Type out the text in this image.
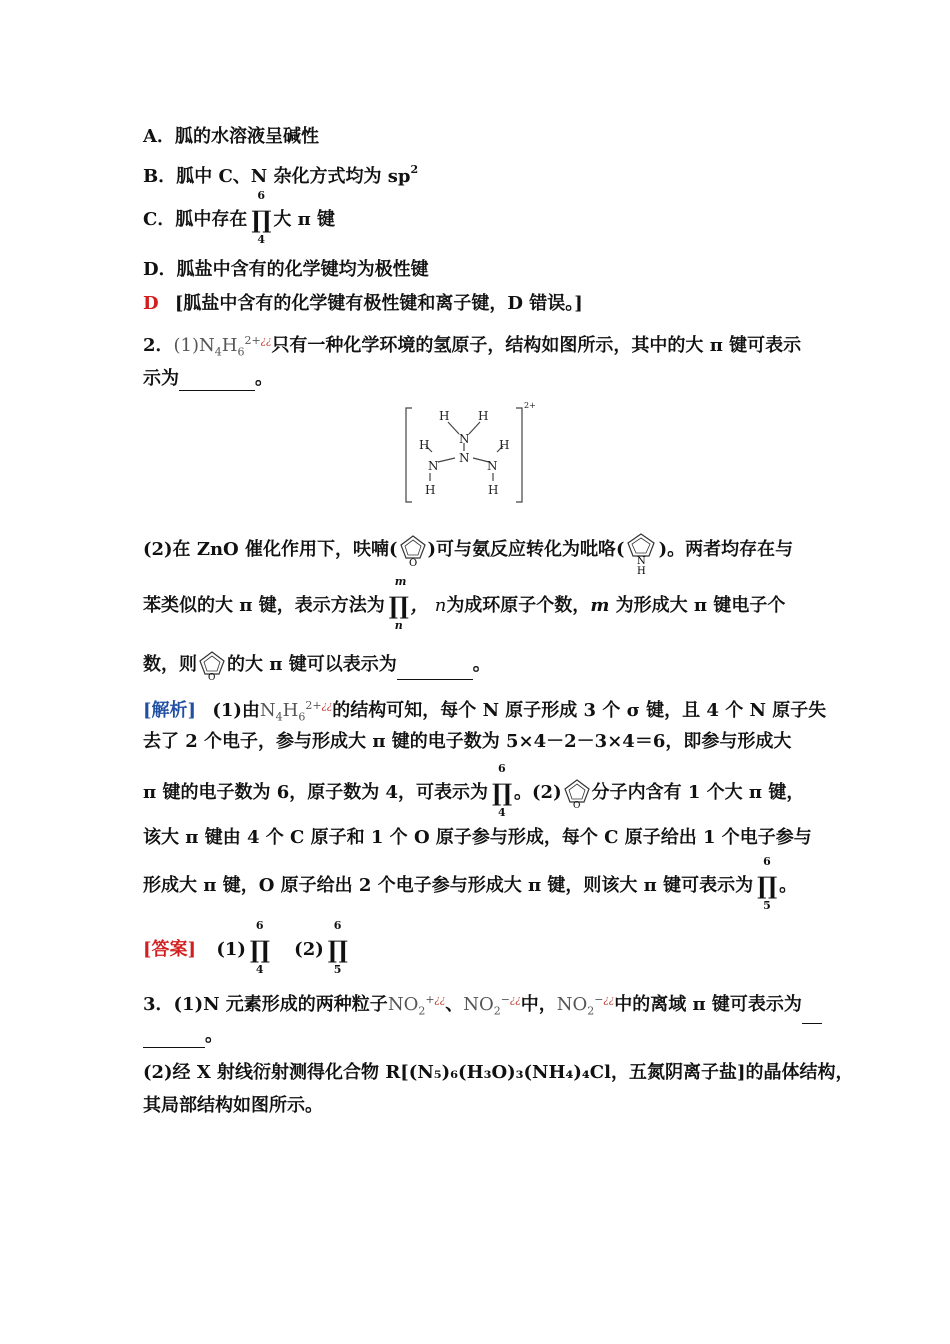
A．胍的水溶液呈碱性
B．胍中 C、N 杂化方式均为 $sp^2$
C．胍中存在 ∏
6
4
大 π 键
D．胍盐中含有的化学键均为极性键
D [胍盐中含有的化学键有极性键和离子键，D 错误。]
2．$(1)N_4H_6^{2+¿¿}$只有一种化学环境的氢原子，结构如图所示，其中的大 π 键可表示
示为	。
H H
N
H
N
N
N
H
H	H
2+
(2)在 ZnO 催化作用下，呋喃(
O
)可与氨反应转化为吡咯(
N
H
)。两者均存在与
苯类似的大 π 键，表示方法为 ∏
m
n
， n为成环原子个数，m 为形成大 π 键电子个
数，则
O
的大 π 键可以表示为	。
[解析] (1)由$N_4H_6^{2+¿¿}$的结构可知，每个 N 原子形成 3 个 σ 键，且 4 个 N 原子失
去了 2 个电子，参与形成大 π 键的电子数为 5×4－2－3×4＝6，即参与形成大
π 键的电子数为 6，原子数为 4，可表示为 ∏
6
4
。(2)
O
分子内含有 1 个大 π 键，
该大 π 键由 4 个 C 原子和 1 个 O 原子参与形成，每个 C 原子给出 1 个电子参与
形成大 π 键，O 原子给出 2 个电子参与形成大 π 键，则该大 π 键可表示为 ∏
6
5
。
[答案] (1) ∏
6
4
(2) ∏
6
5
3．(1)N 元素形成的两种粒子$NO_2^{+¿¿}$、$NO_2^{-¿¿}$中，$NO_2^{-¿¿}$中的离域 π 键可表示为
。
(2)经 X 射线衍射测得化合物 R[(N₅)₆(H₃O)₃(NH₄)₄Cl，五氮阴离子盐]的晶体结构，
其局部结构如图所示。
